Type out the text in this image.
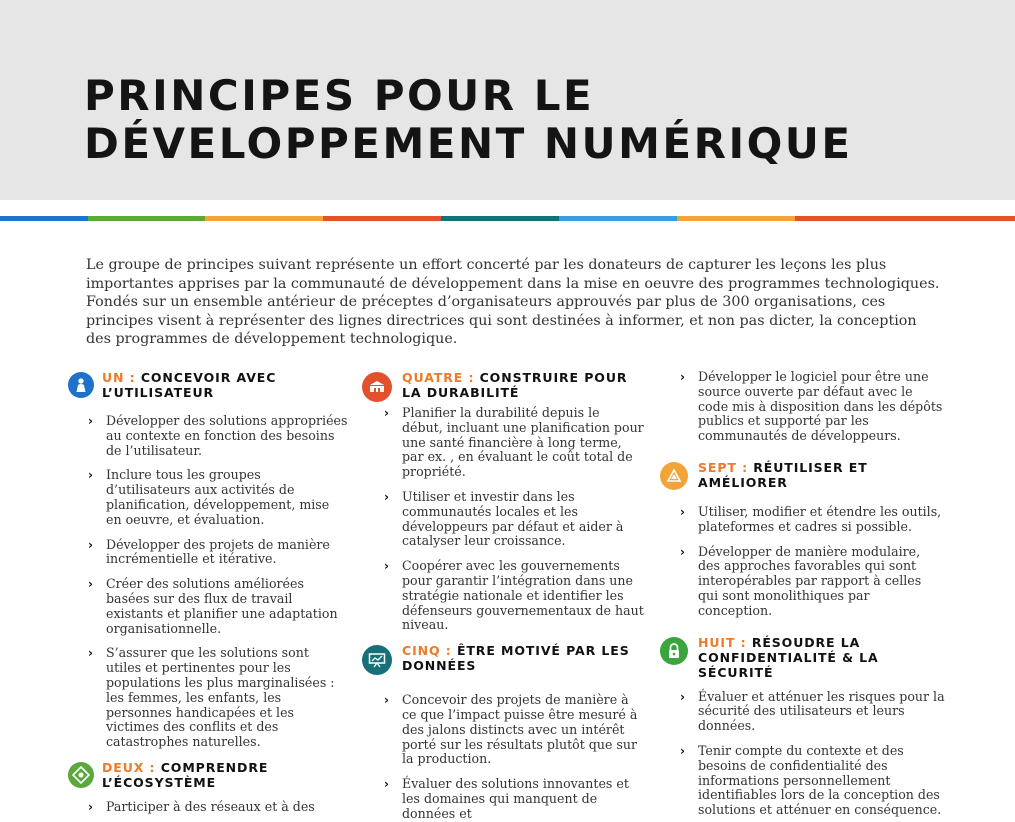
PRINCIPES POUR LE
DÉVELOPPEMENT NUMÉRIQUE

Le groupe de principes suivant représente un effort concerté par les donateurs de capturer les leçons les plus importantes apprises par la communauté de développement dans la mise en oeuvre des programmes technologiques. Fondés sur un ensemble antérieur de préceptes d’organisateurs approuvés par plus de 300 organisations, ces principes visent à représenter des lignes directrices qui sont destinées à informer, et non pas dicter, la conception des programmes de développement technologique.

UN : CONCEVOIR AVEC L’UTILISATEUR
› Développer des solutions appropriées au contexte en fonction des besoins de l’utilisateur.
› Inclure tous les groupes d’utilisateurs aux activités de planification, développement, mise en oeuvre, et évaluation.
› Développer des projets de manière incrémentielle et itérative.
› Créer des solutions améliorées basées sur des flux de travail existants et planifier une adaptation organisationnelle.
› S’assurer que les solutions sont utiles et pertinentes pour les populations les plus marginalisées : les femmes, les enfants, les personnes handicapées et les victimes des conflits et des catastrophes naturelles.
DEUX : COMPRENDRE L’ÉCOSYSTÈME
› Participer à des réseaux et à des
QUATRE : CONSTRUIRE POUR LA DURABILITÉ
› Planifier la durabilité depuis le début, incluant une planification pour une santé financière à long terme, par ex. , en évaluant le coût total de propriété.
› Utiliser et investir dans les communautés locales et les développeurs par défaut et aider à catalyser leur croissance.
› Coopérer avec les gouvernements pour garantir l’intégration dans une stratégie nationale et identifier les défenseurs gouvernementaux de haut niveau.
CINQ : ÊTRE MOTIVÉ PAR LES DONNÉES
› Concevoir des projets de manière à ce que l’impact puisse être mesuré à des jalons distincts avec un intérêt porté sur les résultats plutôt que sur la production.
› Évaluer des solutions innovantes et les domaines qui manquent de données et
› Développer le logiciel pour être une source ouverte par défaut avec le code mis à disposition dans les dépôts publics et supporté par les communautés de développeurs.
SEPT : RÉUTILISER ET AMÉLIORER
› Utiliser, modifier et étendre les outils, plateformes et cadres si possible.
› Développer de manière modulaire, des approches favorables qui sont interopérables par rapport à celles qui sont monolithiques par conception.
HUIT : RÉSOUDRE LA CONFIDENTIALITÉ & LA SÉCURITÉ
› Évaluer et atténuer les risques pour la sécurité des utilisateurs et leurs données.
› Tenir compte du contexte et des besoins de confidentialité des informations personnellement identifiables lors de la conception des solutions et atténuer en conséquence.
